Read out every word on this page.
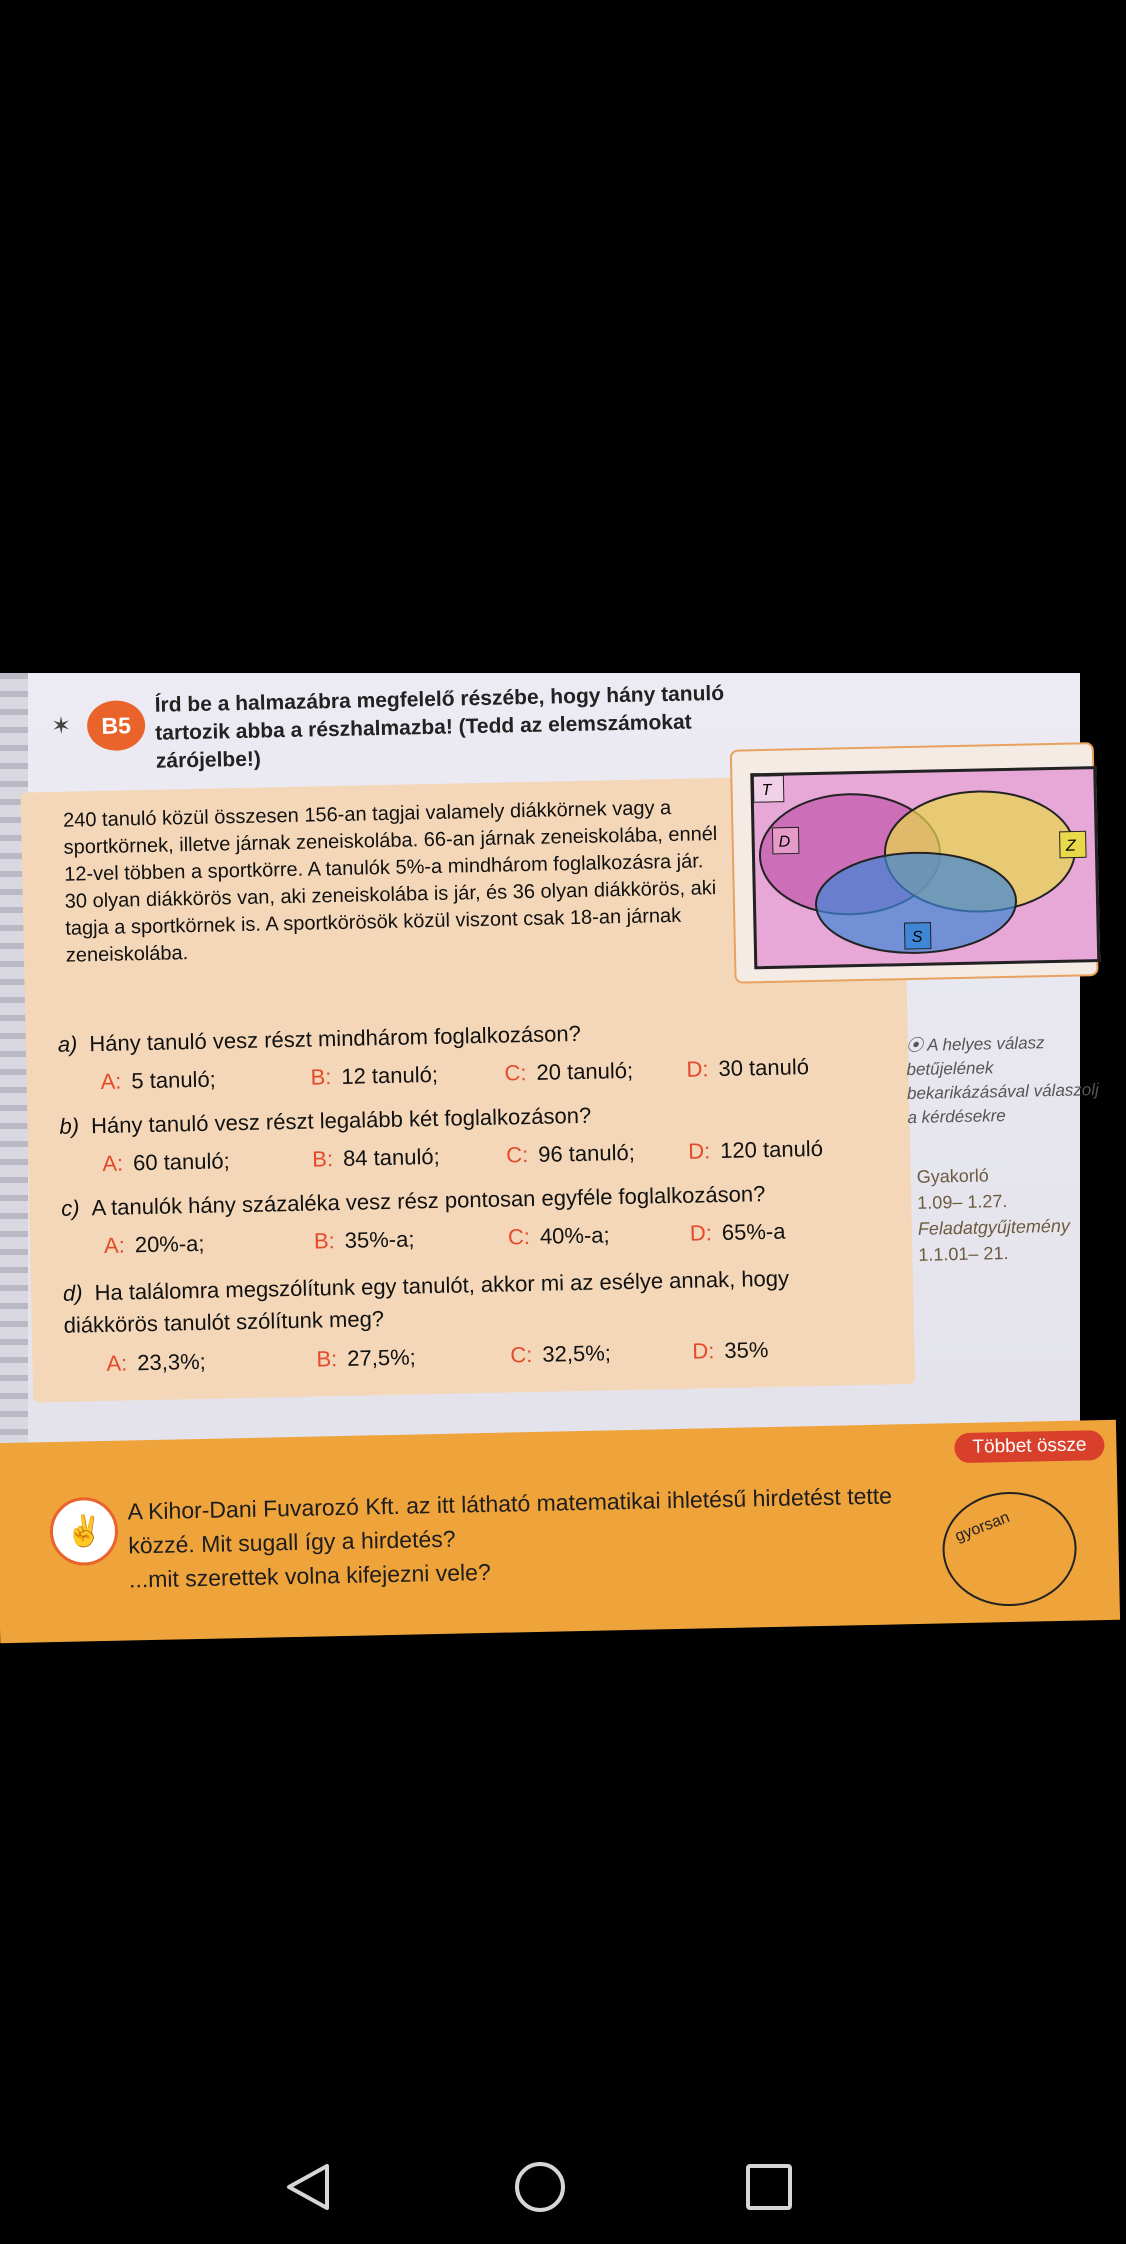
✶	B5
Írd be a halmazábra megfelelő részébe, hogy hány tanuló tartozik abba a részhalmazba! (Tedd az elemszámokat zárójelbe!)
240 tanuló közül összesen 156-an tagjai valamely diákkörnek vagy a sportkörnek, illetve járnak zeneiskolába. 66-an járnak zeneiskolába, ennél 12-vel többen a sportkörre. A tanulók 5%-a mindhárom foglalkozásra jár. 30 olyan diákkörös van, aki zeneiskolába is jár, és 36 olyan diákkörös, aki tagja a sportkörnek is. A sportkörösök közül viszont csak 18-an járnak zeneiskolába.
T
D	Z
S
a) Hány tanuló vesz részt mindhárom foglalkozáson?
A: 5 tanuló;	B: 12 tanuló;	C: 20 tanuló; D: 30 tanuló
b) Hány tanuló vesz részt legalább két foglalkozáson?
A: 60 tanuló;	B: 84 tanuló;	C: 96 tanuló; D: 120 tanuló
c) A tanulók hány százaléka vesz rész pontosan egyféle foglalkozáson?
A: 20%-a;	B: 35%-a;	C: 40%-a;	D: 65%-a
d) Ha találomra megszólítunk egy tanulót, akkor mi az esélye annak, hogy diákkörös tanulót szólítunk meg?
A: 23,3%;	B: 27,5%;	C: 32,5%;	D: 35%
⦿ A helyes válasz betűjelének bekarikázásával válaszolj a kérdésekre
Gyakorló
1.09– 1.27.
Feladatgyűjtemény
1.1.01– 21.
✌
A Kihor-Dani Fuvarozó Kft. az itt látható matematikai ihletésű hirdetést tette közzé. Mit sugall így a hirdetés?
...mit szerettek volna kifejezni vele?
Többet össze
gyorsan
